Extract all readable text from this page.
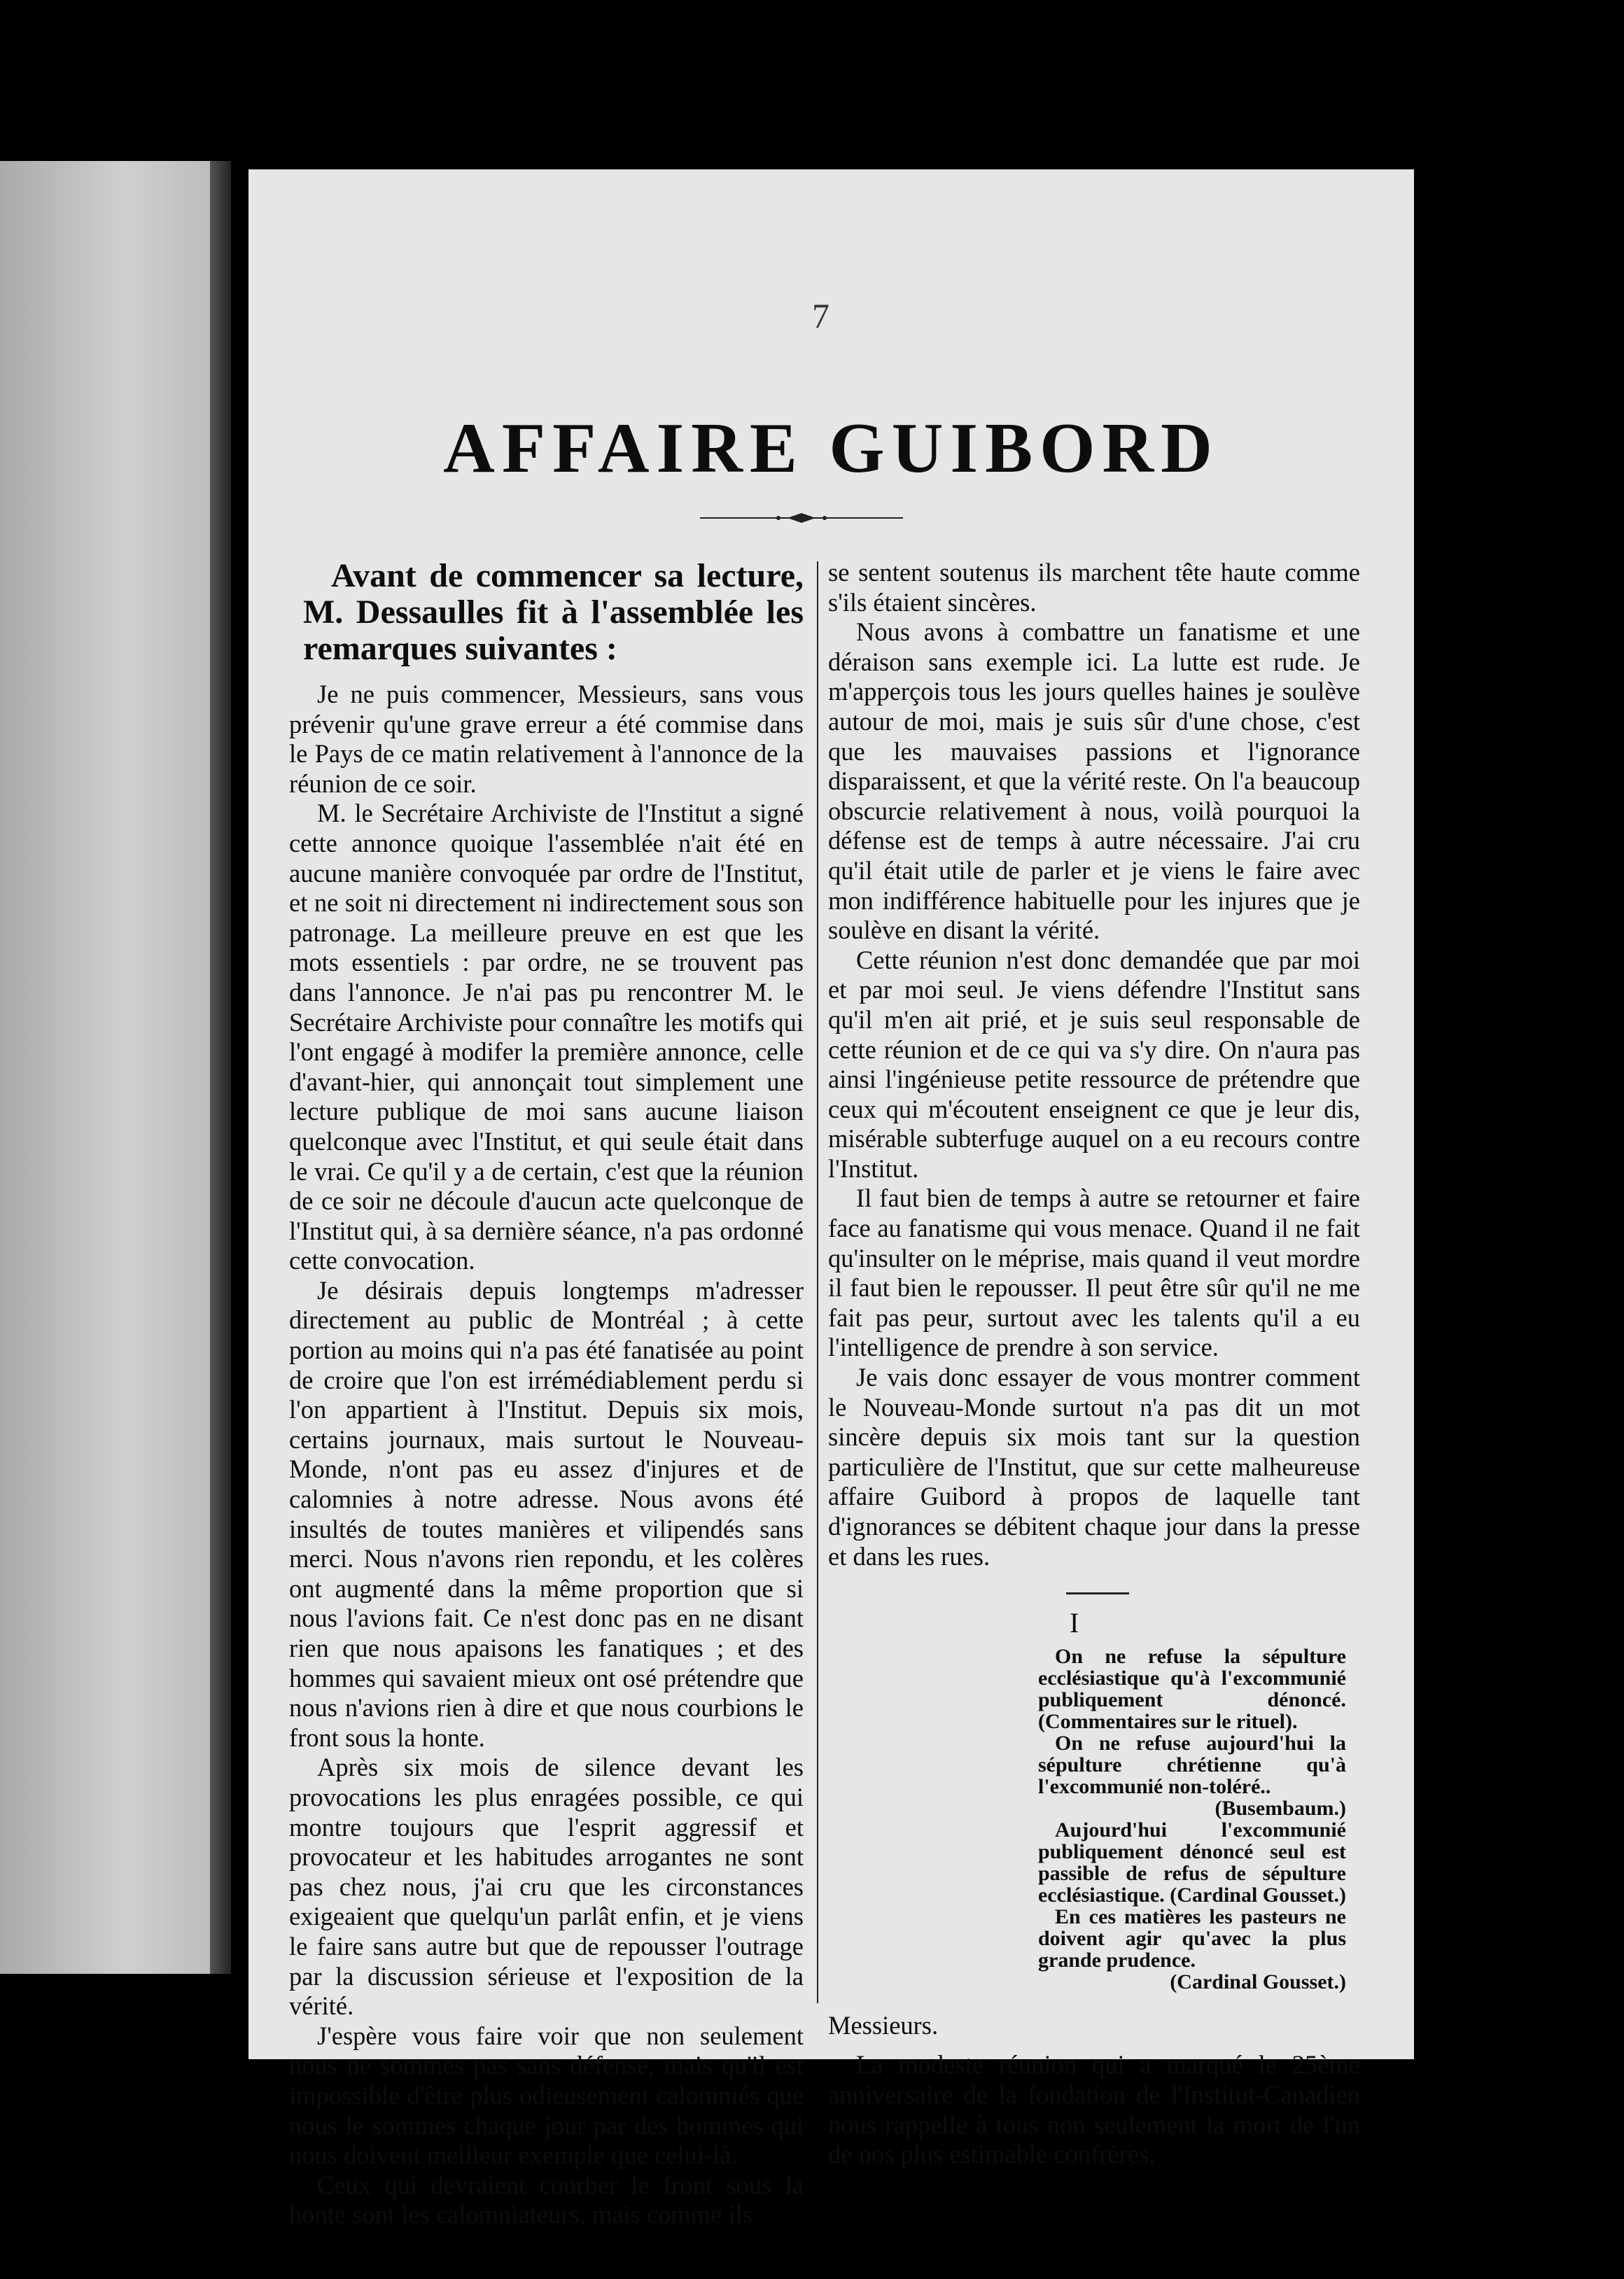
7
AFFAIRE GUIBORD

Avant de commencer sa lecture, M. Dessaulles fit à l'assemblée les remarques suivantes :

Je ne puis commencer, Messieurs, sans vous prévenir qu'une grave erreur a été commise dans le Pays de ce matin relativement à l'annonce de la réunion de ce soir.

M. le Secrétaire Archiviste de l'Institut a signé cette annonce quoique l'assemblée n'ait été en aucune manière convoquée par ordre de l'Institut, et ne soit ni directement ni indirectement sous son patronage. La meilleure preuve en est que les mots essentiels : par ordre, ne se trouvent pas dans l'annonce. Je n'ai pas pu rencontrer M. le Secrétaire Archiviste pour connaître les motifs qui l'ont engagé à modifer la première annonce, celle d'avant-hier, qui annonçait tout simplement une lecture publique de moi sans aucune liaison quelconque avec l'Institut, et qui seule était dans le vrai. Ce qu'il y a de certain, c'est que la réunion de ce soir ne découle d'aucun acte quelconque de l'Institut qui, à sa dernière séance, n'a pas ordonné cette convocation.

Je désirais depuis longtemps m'adresser directement au public de Montréal ; à cette portion au moins qui n'a pas été fanatisée au point de croire que l'on est irrémédiablement perdu si l'on appartient à l'Institut. Depuis six mois, certains journaux, mais surtout le Nouveau-Monde, n'ont pas eu assez d'injures et de calomnies à notre adresse. Nous avons été insultés de toutes manières et vilipendés sans merci. Nous n'avons rien repondu, et les colères ont augmenté dans la même proportion que si nous l'avions fait. Ce n'est donc pas en ne disant rien que nous apaisons les fanatiques ; et des hommes qui savaient mieux ont osé prétendre que nous n'avions rien à dire et que nous courbions le front sous la honte.

Après six mois de silence devant les provocations les plus enragées possible, ce qui montre toujours que l'esprit aggressif et provocateur et les habitudes arrogantes ne sont pas chez nous, j'ai cru que les circonstances exigeaient que quelqu'un parlât enfin, et je viens le faire sans autre but que de repousser l'outrage par la discussion sérieuse et l'exposition de la vérité.

J'espère vous faire voir que non seulement nous ne sommes pas sans défense, mais qu'il est impossible d'être plus odieusement calomniés que nous le sommes chaque jour par des hommes qui nous doivent meilleur exemple que celui-là.

Ceux qui devraient courber le front sous la honte sont les calomniateurs, mais comme ils

se sentent soutenus ils marchent tête haute comme s'ils étaient sincères.

Nous avons à combattre un fanatisme et une déraison sans exemple ici. La lutte est rude. Je m'apperçois tous les jours quelles haines je soulève autour de moi, mais je suis sûr d'une chose, c'est que les mauvaises passions et l'ignorance disparaissent, et que la vérité reste. On l'a beaucoup obscurcie relativement à nous, voilà pourquoi la défense est de temps à autre nécessaire. J'ai cru qu'il était utile de parler et je viens le faire avec mon indifférence habituelle pour les injures que je soulève en disant la vérité.

Cette réunion n'est donc demandée que par moi et par moi seul. Je viens défendre l'Institut sans qu'il m'en ait prié, et je suis seul responsable de cette réunion et de ce qui va s'y dire. On n'aura pas ainsi l'ingénieuse petite ressource de prétendre que ceux qui m'écoutent enseignent ce que je leur dis, misérable subterfuge auquel on a eu recours contre l'Institut.

Il faut bien de temps à autre se retourner et faire face au fanatisme qui vous menace. Quand il ne fait qu'insulter on le méprise, mais quand il veut mordre il faut bien le repousser. Il peut être sûr qu'il ne me fait pas peur, surtout avec les talents qu'il a eu l'intelligence de prendre à son service.

Je vais donc essayer de vous montrer comment le Nouveau-Monde surtout n'a pas dit un mot sincère depuis six mois tant sur la question particulière de l'Institut, que sur cette malheureuse affaire Guibord à propos de laquelle tant d'ignorances se débitent chaque jour dans la presse et dans les rues.

I

On ne refuse la sépulture ecclésiastique qu'à l'excommunié publiquement dénoncé. (Commentaires sur le rituel).

On ne refuse aujourd'hui la sépulture chrétienne qu'à l'excommunié non-toléré..

(Busembaum.)

Aujourd'hui l'excommunié publiquement dénoncé seul est passible de refus de sépulture ecclésiastique. (Cardinal Gousset.)

En ces matières les pasteurs ne doivent agir qu'avec la plus grande prudence.

(Cardinal Gousset.)

Messieurs.

La modeste réunion qui a marqué le 25ème anniversaire de la fondation de l'Institut-Canadien nous rappelle à tous non seulement la mort de l'un de nos plus estimable confrères,
